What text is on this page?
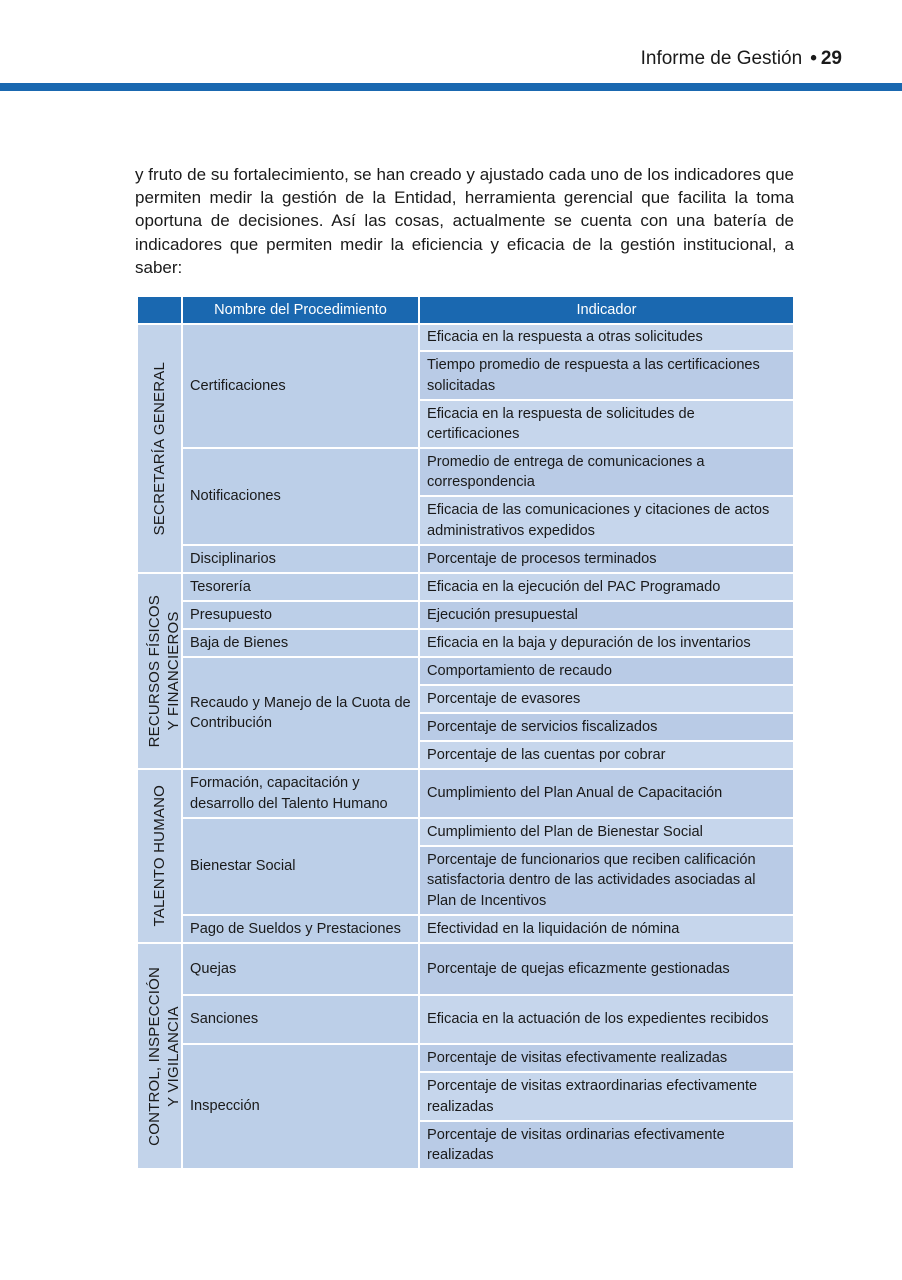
Informe de Gestión • 29

y fruto de su fortalecimiento, se han creado y ajustado cada uno de los indicadores que permiten medir la gestión de la Entidad, herramienta gerencial que facilita la toma oportuna de decisiones. Así las cosas, actualmente se cuenta con una batería de indicadores que permiten medir la eficiencia y eficacia de la gestión institucional, a saber:

	Nombre del Procedimiento	Indicador

SECRETARÍA GENERAL	Certificaciones	Eficacia en la respuesta a otras solicitudes
		Tiempo promedio de respuesta a las certificaciones solicitadas
		Eficacia en la respuesta de solicitudes de certificaciones
	Notificaciones	Promedio de entrega de comunicaciones a correspondencia
		Eficacia de las comunicaciones y citaciones de actos administrativos expedidos
	Disciplinarios	Porcentaje de procesos terminados

RECURSOS FÍSICOS Y FINANCIEROS	Tesorería	Eficacia en la ejecución del PAC Programado
	Presupuesto	Ejecución presupuestal
	Baja de Bienes	Eficacia en la baja y depuración de los inventarios
	Recaudo y Manejo de la Cuota de Contribución	Comportamiento de recaudo
		Porcentaje de evasores
		Porcentaje de servicios fiscalizados
		Porcentaje de las cuentas por cobrar

TALENTO HUMANO	Formación, capacitación y desarrollo del Talento Humano	Cumplimiento del Plan Anual de Capacitación
	Bienestar Social	Cumplimiento del Plan de Bienestar Social
		Porcentaje de funcionarios que reciben calificación satisfactoria dentro de las actividades asociadas al Plan de Incentivos
	Pago de Sueldos y Prestaciones	Efectividad en la liquidación de nómina

CONTROL, INSPECCIÓN Y VIGILANCIA	Quejas	Porcentaje de quejas eficazmente gestionadas
	Sanciones	Eficacia en la actuación de los expedientes recibidos
	Inspección	Porcentaje de visitas efectivamente realizadas
		Porcentaje de visitas extraordinarias efectivamente realizadas
		Porcentaje de visitas ordinarias efectivamente realizadas
